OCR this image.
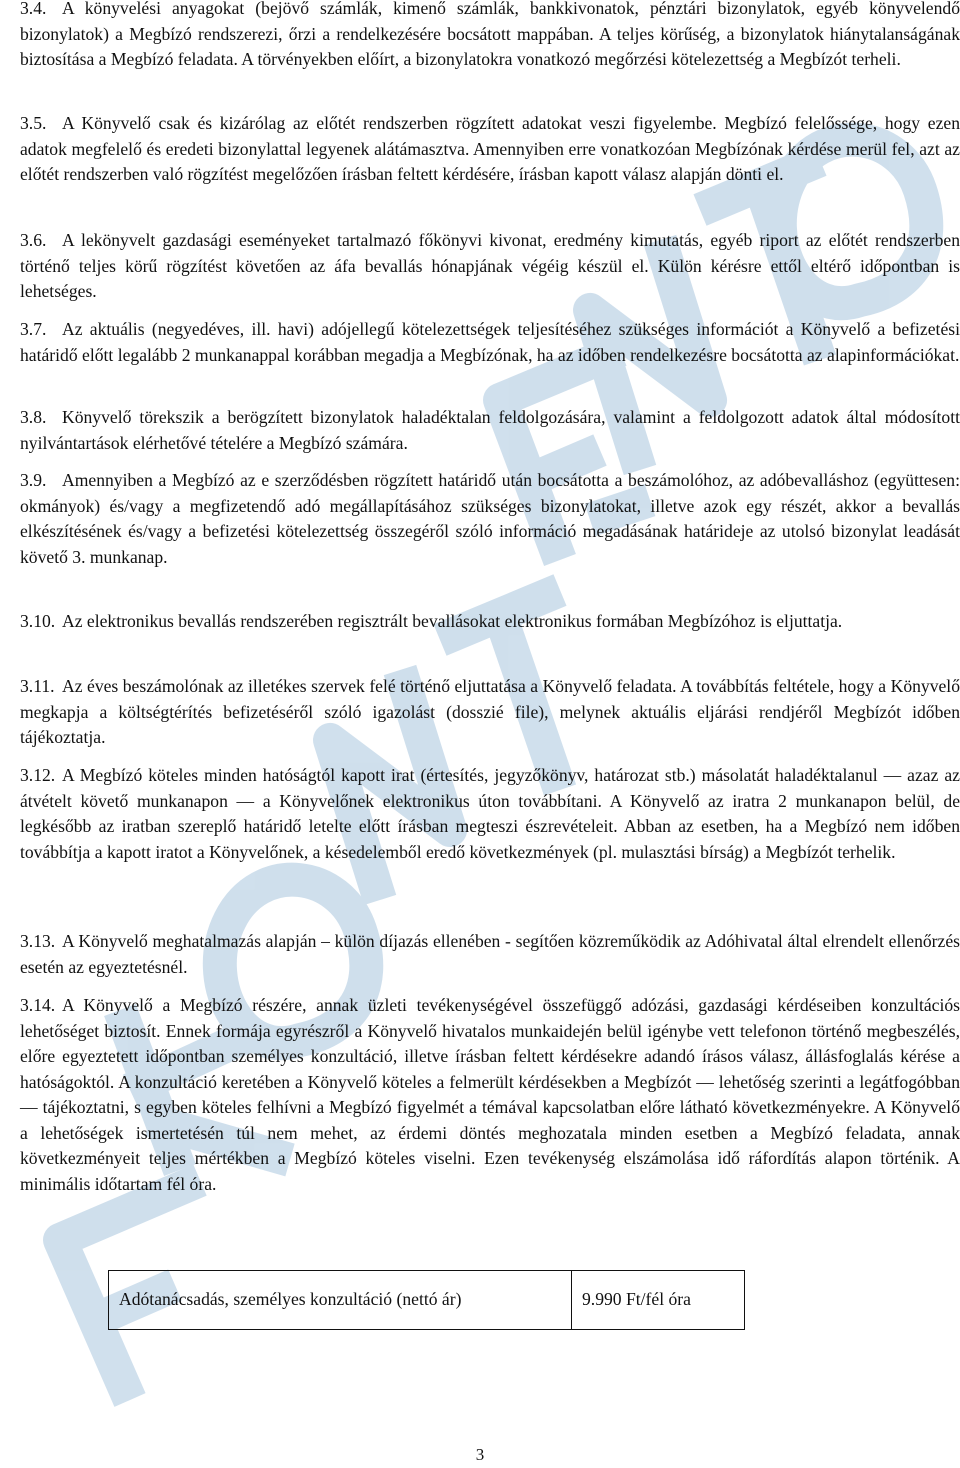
3.4. A könyvelési anyagokat (bejövő számlák, kimenő számlák, bankkivonatok, pénztári bizonylatok, egyéb könyvelendő bizonylatok) a Megbízó rendszerezi, őrzi a rendelkezésére bocsátott mappában. A teljes körűség, a bizonylatok hiánytalanságának biztosítása a Megbízó feladata. A törvényekben előírt, a bizonylatokra vonatkozó megőrzési kötelezettség a Megbízót terheli.

3.5. A Könyvelő csak és kizárólag az előtét rendszerben rögzített adatokat veszi figyelembe. Megbízó felelőssége, hogy ezen adatok megfelelő és eredeti bizonylattal legyenek alátámasztva. Amennyiben erre vonatkozóan Megbízónak kérdése merül fel, azt az előtét rendszerben való rögzítést megelőzően írásban feltett kérdésére, írásban kapott válasz alapján dönti el.

3.6. A lekönyvelt gazdasági eseményeket tartalmazó főkönyvi kivonat, eredmény kimutatás, egyéb riport az előtét rendszerben történő teljes körű rögzítést követően az áfa bevallás hónapjának végéig készül el. Külön kérésre ettől eltérő időpontban is lehetséges.

3.7. Az aktuális (negyedéves, ill. havi) adójellegű kötelezettségek teljesítéséhez szükséges információt a Könyvelő a befizetési határidő előtt legalább 2 munkanappal korábban megadja a Megbízónak, ha az időben rendelkezésre bocsátotta az alapinformációkat.

3.8. Könyvelő törekszik a berögzített bizonylatok haladéktalan feldolgozására, valamint a feldolgozott adatok által módosított nyilvántartások elérhetővé tételére a Megbízó számára.

3.9. Amennyiben a Megbízó az e szerződésben rögzített határidő után bocsátotta a beszámolóhoz, az adóbevalláshoz (együttesen: okmányok) és/vagy a megfizetendő adó megállapításához szükséges bizonylatokat, illetve azok egy részét, akkor a bevallás elkészítésének és/vagy a befizetési kötelezettség összegéről szóló információ megadásának határideje az utolsó bizonylat leadását követő 3. munkanap.

3.10. Az elektronikus bevallás rendszerében regisztrált bevallásokat elektronikus formában Megbízóhoz is eljuttatja.

3.11. Az éves beszámolónak az illetékes szervek felé történő eljuttatása a Könyvelő feladata. A továbbítás feltétele, hogy a Könyvelő megkapja a költségtérítés befizetéséről szóló igazolást (dosszié file), melynek aktuális eljárási rendjéről Megbízót időben tájékoztatja.

3.12. A Megbízó köteles minden hatóságtól kapott irat (értesítés, jegyzőkönyv, határozat stb.) másolatát haladéktalanul — azaz az átvételt követő munkanapon — a Könyvelőnek elektronikus úton továbbítani. A Könyvelő az iratra 2 munkanapon belül, de legkésőbb az iratban szereplő határidő letelte előtt írásban megteszi észrevételeit. Abban az esetben, ha a Megbízó nem időben továbbítja a kapott iratot a Könyvelőnek, a késedelemből eredő következmények (pl. mulasztási bírság) a Megbízót terhelik.

3.13. A Könyvelő meghatalmazás alapján – külön díjazás ellenében - segítően közreműködik az Adóhivatal által elrendelt ellenőrzés esetén az egyeztetésnél.

3.14. A Könyvelő a Megbízó részére, annak üzleti tevékenységével összefüggő adózási, gazdasági kérdéseiben konzultációs lehetőséget biztosít. Ennek formája egyrészről a Könyvelő hivatalos munkaidején belül igénybe vett telefonon történő megbeszélés, előre egyeztetett időpontban személyes konzultáció, illetve írásban feltett kérdésekre adandó írásos válasz, állásfoglalás kérése a hatóságoktól. A konzultáció keretében a Könyvelő köteles a felmerült kérdésekben a Megbízót — lehetőség szerinti a legátfogóbban — tájékoztatni, s egyben köteles felhívni a Megbízó figyelmét a témával kapcsolatban előre látható következményekre. A Könyvelő a lehetőségek ismertetésén túl nem mehet, az érdemi döntés meghozatala minden esetben a Megbízó feladata, annak következményeit teljes mértékben a Megbízó köteles viselni. Ezen tevékenység elszámolása idő ráfordítás alapon történik. A minimális időtartam fél óra.

Adótanácsadás, személyes konzultáció (nettó ár)	9.990 Ft/fél óra
3
